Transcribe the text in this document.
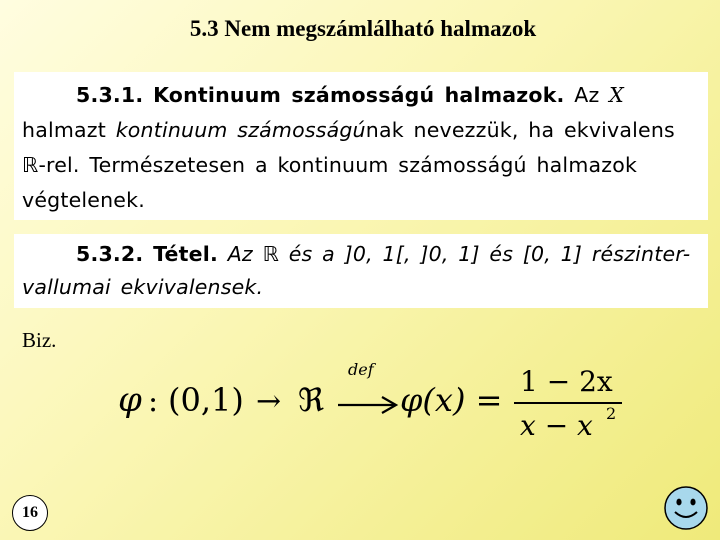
5.3 Nem megszámlálható halmazok
5.3.1. Kontinuum számosságú halmazok. Az X
halmazt kontinuum számosságúnak nevezzük, ha ekvivalens
ℝ-rel. Természetesen a kontinuum számosságú halmazok
végtelenek.
5.3.2. Tétel. Az ℝ és a ]0, 1[, ]0, 1] és [0, 1] részinter-
vallumai ekvivalensek.
Biz.
φ : (0,1) → ℜ
def
φ(x) = 1 − 2x
x − x 2
16
